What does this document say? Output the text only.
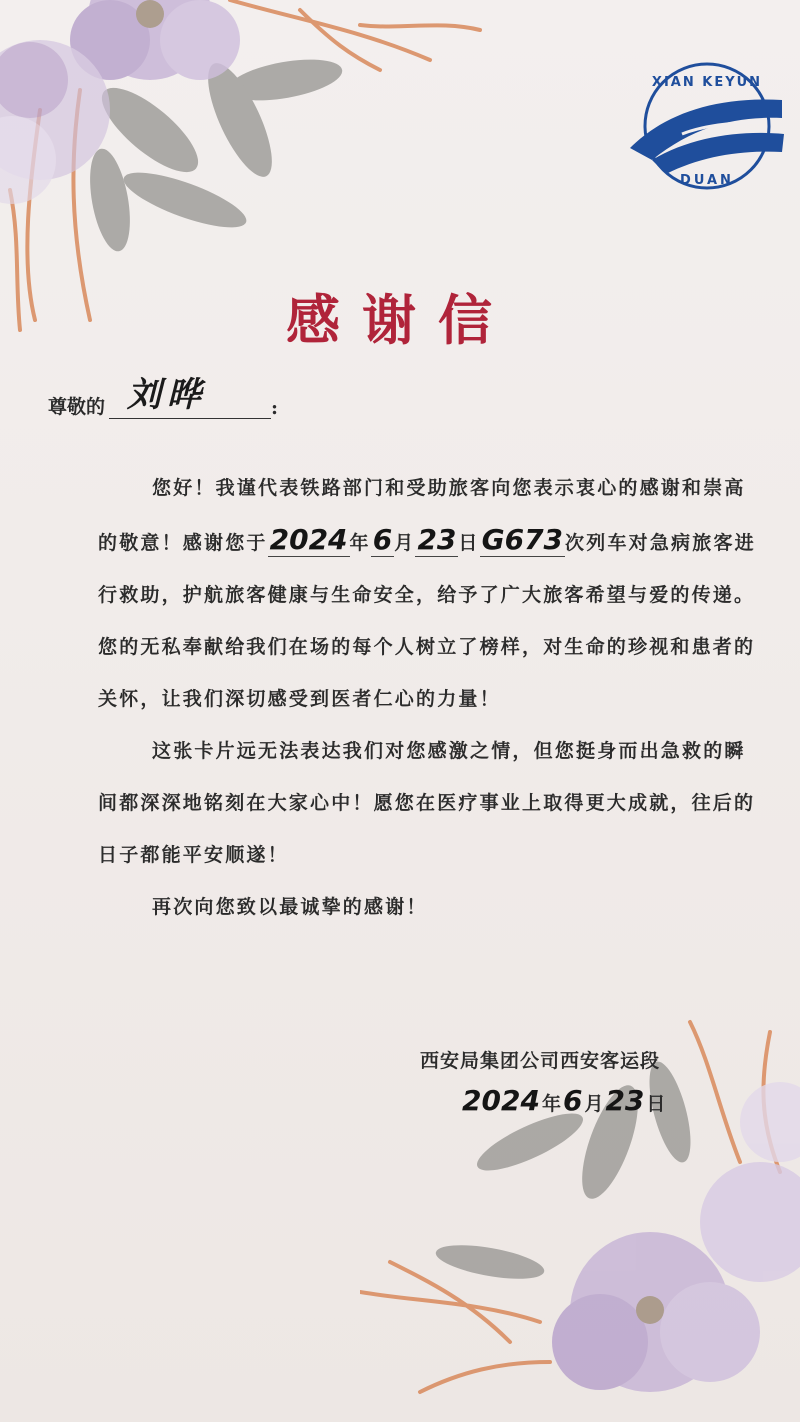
XIAN KEYUN
DUAN
感谢信
尊敬的 刘晔	:

您好！我谨代表铁路部门和受助旅客向您表示衷心的感谢和崇高的敬意！感谢您于2024 年6 月23 日G673 次列车对急病旅客进行救助，护航旅客健康与生命安全，给予了广大旅客希望与爱的传递。您的无私奉献给我们在场的每个人树立了榜样，对生命的珍视和患者的关怀，让我们深切感受到医者仁心的力量！

这张卡片远无法表达我们对您感激之情，但您挺身而出急救的瞬间都深深地铭刻在大家心中！愿您在医疗事业上取得更大成就，往后的日子都能平安顺遂！

再次向您致以最诚挚的感谢！

西安局集团公司西安客运段
2024 年6 月23 日
